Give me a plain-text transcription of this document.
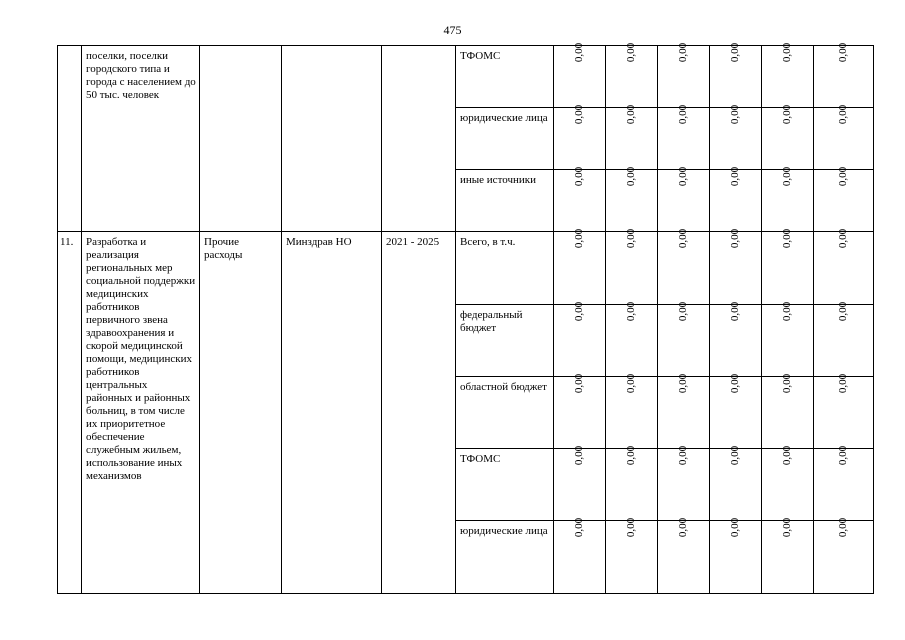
475

	поселки, поселки городского типа и города с населением до 50 тыс. человек				ТФОМС	0,00	0,00	0,00	0,00	0,00	0,00

					юридические лица	0,00	0,00	0,00	0,00	0,00	0,00

					иные источники	0,00	0,00	0,00	0,00	0,00	0,00

11.	Разработка и реализация региональных мер социальной поддержки медицинских работников первичного звена здравоохранения и скорой медицинской помощи, медицинских работников центральных районных и районных больниц, в том числе их приоритетное обеспечение служебным жильем, использование иных механизмов	Прочие расходы	Минздрав НО	2021 - 2025	Всего, в т.ч.	0,00	0,00	0,00	0,00	0,00	0,00

					федеральный бюджет	0,00	0,00	0,00	0,00	0,00	0,00

					областной бюджет	0,00	0,00	0,00	0,00	0,00	0,00

					ТФОМС	0,00	0,00	0,00	0,00	0,00	0,00

					юридические лица	0,00	0,00	0,00	0,00	0,00	0,00
